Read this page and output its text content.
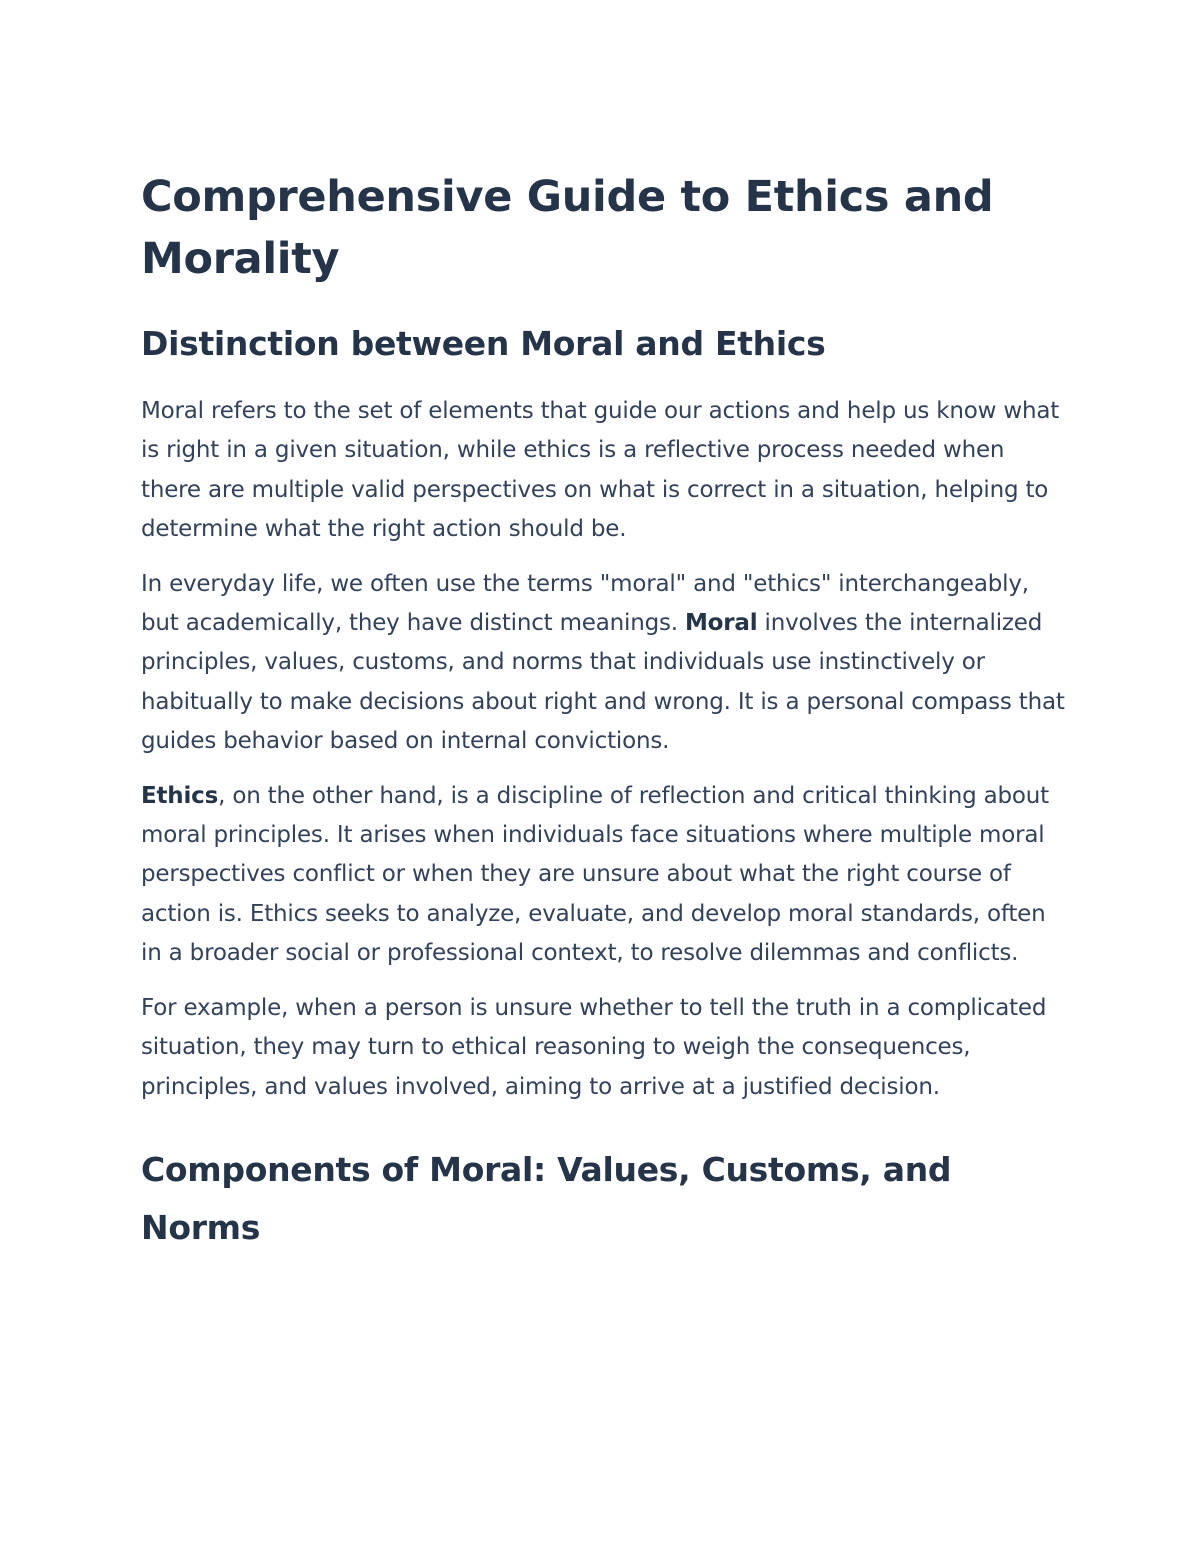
Comprehensive Guide to Ethics and Morality
Distinction between Moral and Ethics

Moral refers to the set of elements that guide our actions and help us know what is right in a given situation, while ethics is a reflective process needed when there are multiple valid perspectives on what is correct in a situation, helping to determine what the right action should be.

In everyday life, we often use the terms "moral" and "ethics" interchangeably, but academically, they have distinct meanings. Moral involves the internalized principles, values, customs, and norms that individuals use instinctively or habitually to make decisions about right and wrong. It is a personal compass that guides behavior based on internal convictions.

Ethics, on the other hand, is a discipline of reflection and critical thinking about moral principles. It arises when individuals face situations where multiple moral perspectives conflict or when they are unsure about what the right course of action is. Ethics seeks to analyze, evaluate, and develop moral standards, often in a broader social or professional context, to resolve dilemmas and conflicts.

For example, when a person is unsure whether to tell the truth in a complicated situation, they may turn to ethical reasoning to weigh the consequences, principles, and values involved, aiming to arrive at a justified decision.

Components of Moral: Values, Customs, and Norms
